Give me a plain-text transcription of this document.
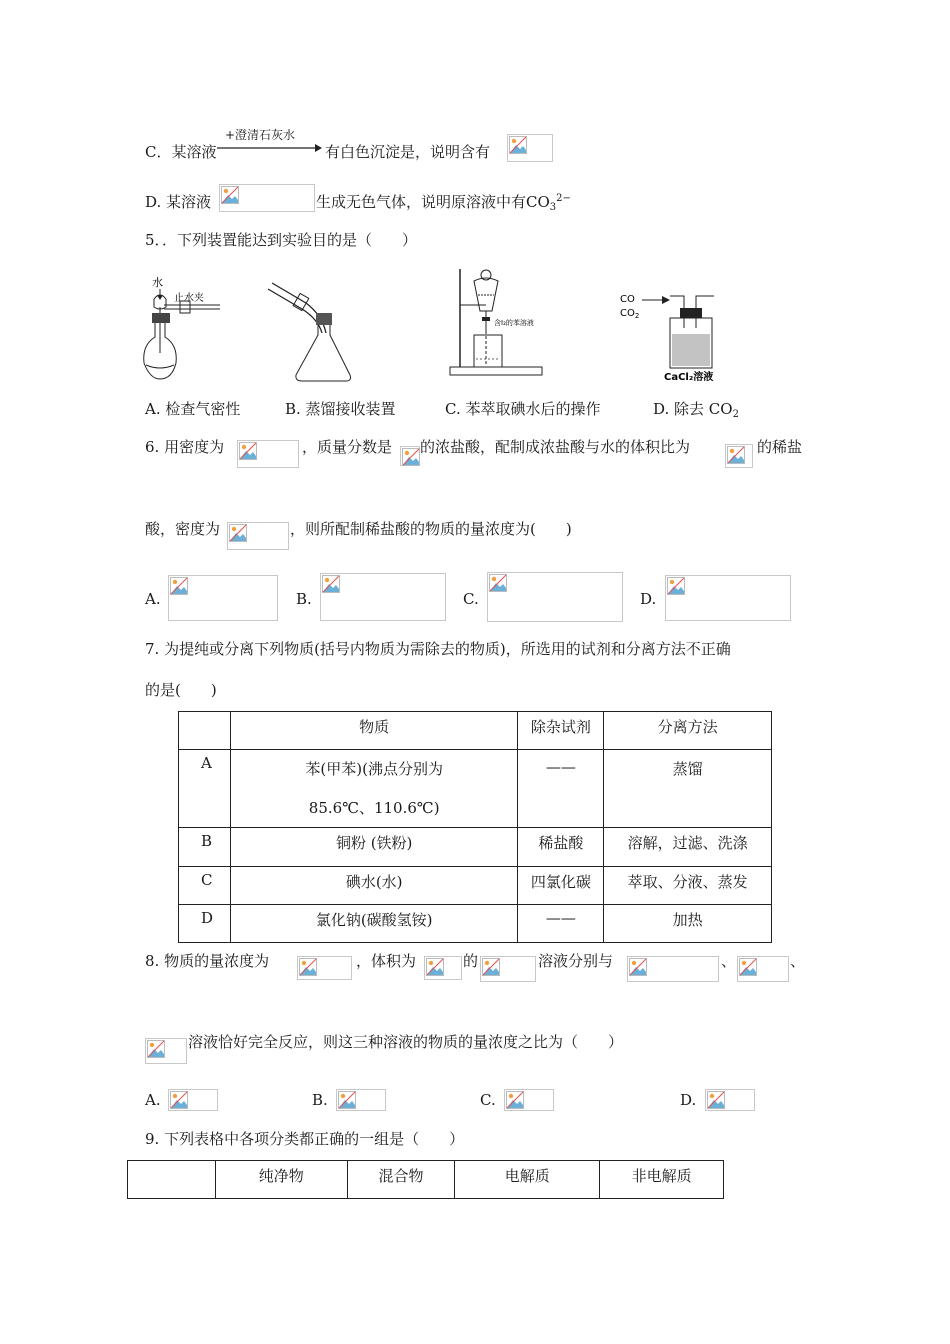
C．某溶液
+澄清石灰水
有白色沉淀是，说明含有
D. 某溶液	生成无色气体，说明原溶液中有$CO_3^{2-}$
5．．下列装置能达到实验目的是（　　）
水
止水夹
含I₂的苯溶液
CO
$CO_2$
CaCl₂溶液
A. 检查气密性	B. 蒸馏接收装置	C. 苯萃取碘水后的操作	D. 除去 $CO_2$
6. 用密度为	，质量分数是 的浓盐酸，配制成浓盐酸与水的体积比为	的稀盐
酸，密度为	，则所配制稀盐酸的物质的量浓度为(　　)
A.	B.	C.	D.
7. 为提纯或分离下列物质(括号内物质为需除去的物质)，所选用的试剂和分离方法不正确
的是(　　)
	物质	除杂试剂	分离方法
A	苯(甲苯)(沸点分别为
85.6℃、110.6℃)	——	蒸馏
B	铜粉 (铁粉)	稀盐酸	溶解，过滤、洗涤
C	碘水(水)	四氯化碳	萃取、分液、蒸发
D	氯化钠(碳酸氢铵)	——	加热
8. 物质的量浓度为	，体积为	的	溶液分别与	、	、
溶液恰好完全反应，则这三种溶液的物质的量浓度之比为（　　）
A.	B.	C.	D.
9. 下列表格中各项分类都正确的一组是（　　）
	纯净物	混合物	电解质	非电解质
